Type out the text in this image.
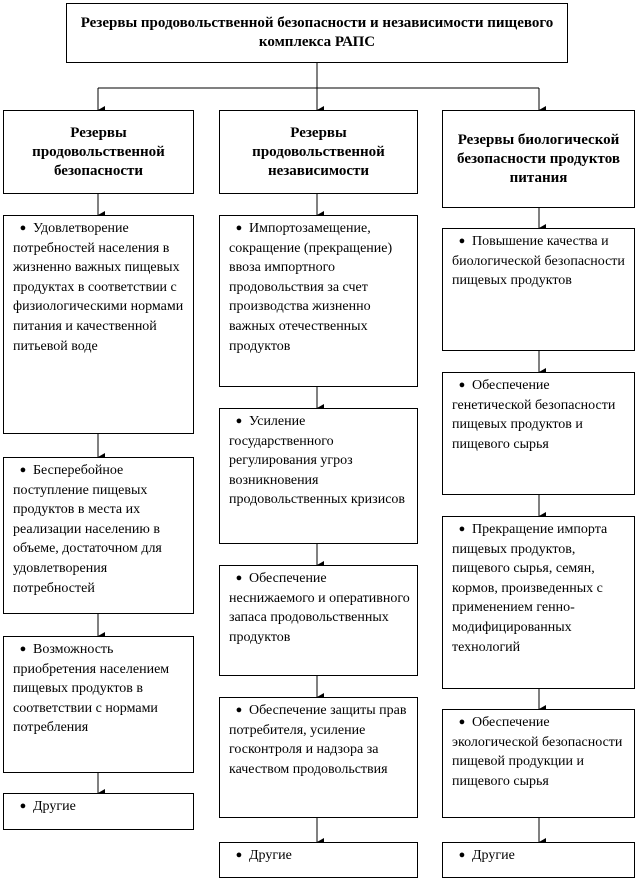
Резервы продовольственной безопасности и независимости пищевого комплекса РАПС
Резервы продовольственной безопасности
Резервы продовольственной независимости
Резервы биологической безопасности продуктов питания
● Удовлетворение потребностей населения в жизненно важных пищевых продуктах в соответствии с физиологическими нормами питания и качественной питьевой воде
● Бесперебойное поступление пищевых продуктов в места их реализации населению в объеме, достаточном для удовлетворения потребностей
● Возможность приобретения населением пищевых продуктов в соответствии с нормами потребления
● Другие
● Импортозамещение, сокращение (прекращение) ввоза импортного продовольствия за счет производства жизненно важных отечественных продуктов
● Усиление государственного регулирования угроз возникновения продовольственных кризисов
● Обеспечение неснижаемого и оперативного запаса продовольственных продуктов
● Обеспечение защиты прав потребителя, усиление госконтроля и надзора за качеством продовольствия
● Другие
● Повышение качества и биологической безопасности пищевых продуктов
● Обеспечение генетической безопасности пищевых продуктов и пищевого сырья
● Прекращение импорта пищевых продуктов, пищевого сырья, семян, кормов, произведенных с применением генно-модифицированных технологий
● Обеспечение экологической безопасности пищевой продукции и пищевого сырья
● Другие
